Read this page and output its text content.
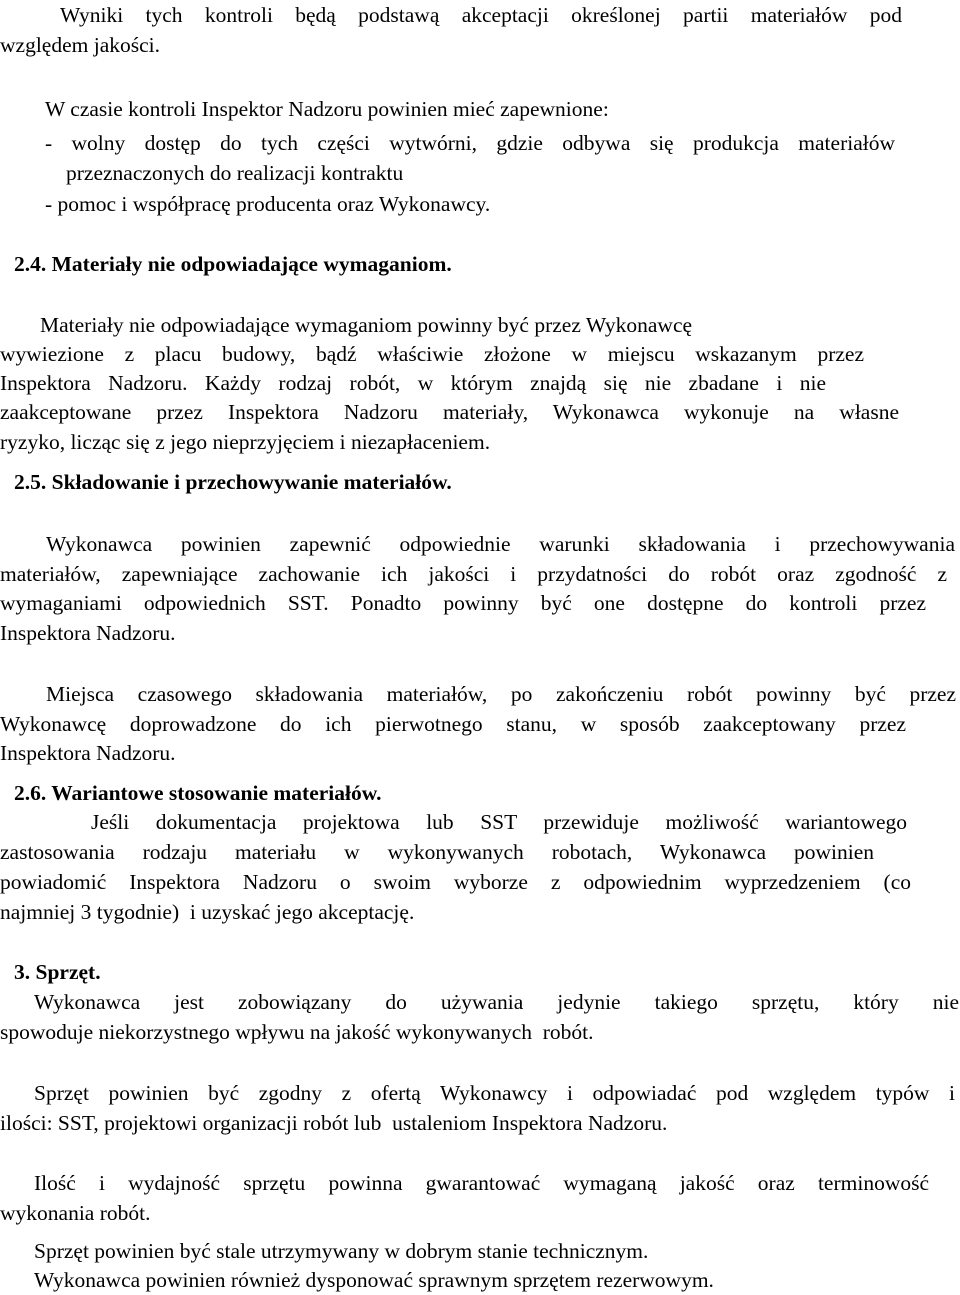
Wyniki tych kontroli będą podstawą akceptacji określonej partii materiałów pod
względem jakości.
W czasie kontroli Inspektor Nadzoru powinien mieć zapewnione:
- wolny dostęp do tych części wytwórni, gdzie odbywa się produkcja materiałów
przeznaczonych do realizacji kontraktu
- pomoc i współpracę producenta oraz Wykonawcy.
2.4. Materiały nie odpowiadające wymaganiom.
Materiały nie odpowiadające wymaganiom powinny być przez Wykonawcę
wywiezione z placu budowy, bądź właściwie złożone w miejscu wskazanym przez
Inspektora Nadzoru. Każdy rodzaj robót, w którym znajdą się nie zbadane i nie
zaakceptowane przez Inspektora Nadzoru materiały, Wykonawca wykonuje na własne
ryzyko, licząc się z jego nieprzyjęciem i niezapłaceniem.
2.5. Składowanie i przechowywanie materiałów.
Wykonawca powinien zapewnić odpowiednie warunki składowania i przechowywania
materiałów, zapewniające zachowanie ich jakości i przydatności do robót oraz zgodność z
wymaganiami odpowiednich SST. Ponadto powinny być one dostępne do kontroli przez
Inspektora Nadzoru.
Miejsca czasowego składowania materiałów, po zakończeniu robót powinny być przez
Wykonawcę doprowadzone do ich pierwotnego stanu, w sposób zaakceptowany przez
Inspektora Nadzoru.
2.6. Wariantowe stosowanie materiałów.
Jeśli dokumentacja projektowa lub SST przewiduje możliwość wariantowego
zastosowania rodzaju materiału w wykonywanych robotach, Wykonawca powinien
powiadomić Inspektora Nadzoru o swoim wyborze z odpowiednim wyprzedzeniem (co
najmniej 3 tygodnie)  i uzyskać jego akceptację.
3. Sprzęt.
Wykonawca jest zobowiązany do używania jedynie takiego sprzętu, który nie
spowoduje niekorzystnego wpływu na jakość wykonywanych  robót.
Sprzęt powinien być zgodny z ofertą Wykonawcy i odpowiadać pod względem typów i
ilości: SST, projektowi organizacji robót lub  ustaleniom Inspektora Nadzoru.
Ilość i wydajność sprzętu powinna gwarantować wymaganą jakość oraz terminowość
wykonania robót.
Sprzęt powinien być stale utrzymywany w dobrym stanie technicznym.
Wykonawca powinien również dysponować sprawnym sprzętem rezerwowym.
